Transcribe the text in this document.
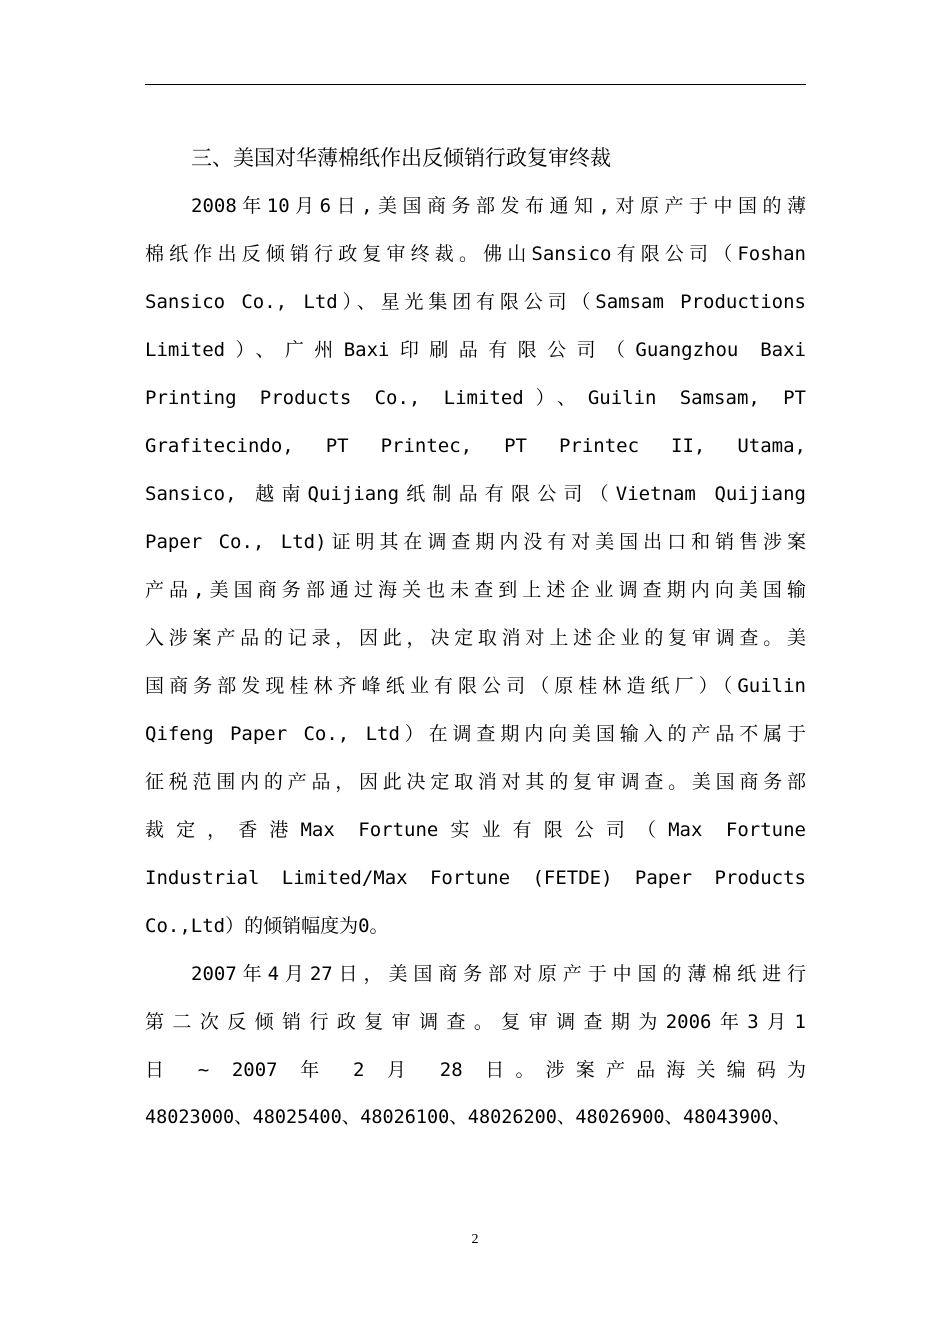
三、美国对华薄棉纸作出反倾销行政复审终裁

2008年10月6日,美国商务部发布通知,对原产于中国的薄
棉纸作出反倾销行政复审终裁。佛山Sansico有限公司（Foshan
Sansico Co., Ltd）、星光集团有限公司（Samsam Productions
Limited）、广州Baxi印刷品有限公司（Guangzhou Baxi
Printing Products Co., Limited）、Guilin Samsam, PT
Grafitecindo, PT Printec, PT Printec II, Utama,
Sansico, 越南Quijiang纸制品有限公司（Vietnam Quijiang
Paper Co., Ltd)证明其在调查期内没有对美国出口和销售涉案
产品,美国商务部通过海关也未查到上述企业调查期内向美国输
入涉案产品的记录，因此，决定取消对上述企业的复审调查。美
国商务部发现桂林齐峰纸业有限公司（原桂林造纸厂）（Guilin
Qifeng Paper Co., Ltd）在调查期内向美国输入的产品不属于
征税范围内的产品，因此决定取消对其的复审调查。美国商务部
裁定，香港Max Fortune实业有限公司（Max Fortune
Industrial Limited/Max Fortune (FETDE) Paper Products
Co.,Ltd）的倾销幅度为0。

2007年4月27日，美国商务部对原产于中国的薄棉纸进行
第二次反倾销行政复审调查。复审调查期为2006年3月1
日 ~ 2007 年 2 月 28 日。涉案产品海关编码为
48023000、48025400、48026100、48026200、48026900、48043900、

2
